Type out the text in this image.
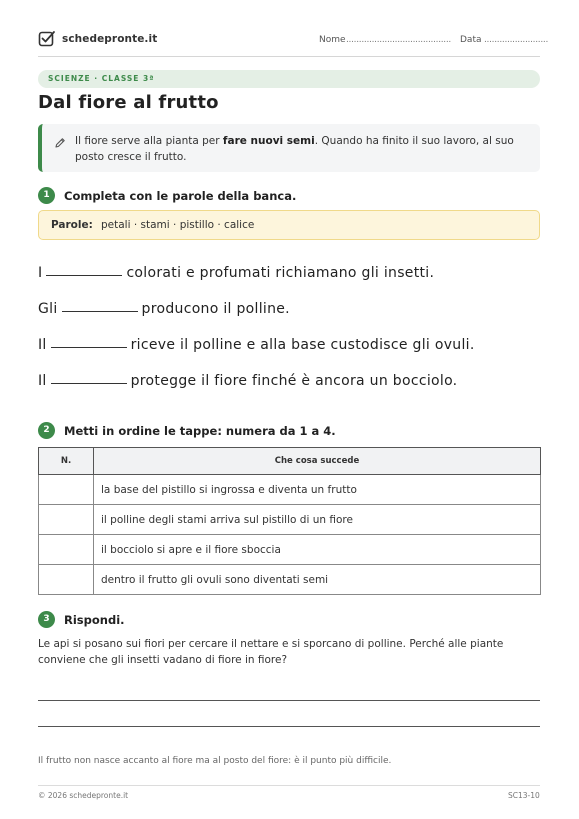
schedepronte.it	Nome ......................................... Data .........................
SCIENZE · CLASSE 3ª
Dal fiore al frutto
Il fiore serve alla pianta per fare nuovi semi. Quando ha finito il suo lavoro, al suo posto cresce il frutto.
1	Completa con le parole della banca.
Parole: petali · stami · pistillo · calice
I	colorati e profumati richiamano gli insetti.
Gli	producono il polline.
Il	riceve il polline e alla base custodisce gli ovuli.
Il	protegge il fiore finché è ancora un bocciolo.
2	Metti in ordine le tappe: numera da 1 a 4.
N.	Che cosa succede
	la base del pistillo si ingrossa e diventa un frutto
	il polline degli stami arriva sul pistillo di un fiore
	il bocciolo si apre e il fiore sboccia
	dentro il frutto gli ovuli sono diventati semi
3	Rispondi.
Le api si posano sui fiori per cercare il nettare e si sporcano di polline. Perché alle piante conviene che gli insetti vadano di fiore in fiore?
Il frutto non nasce accanto al fiore ma al posto del fiore: è il punto più difficile.
© 2026 schedepronte.it	SC13-10
